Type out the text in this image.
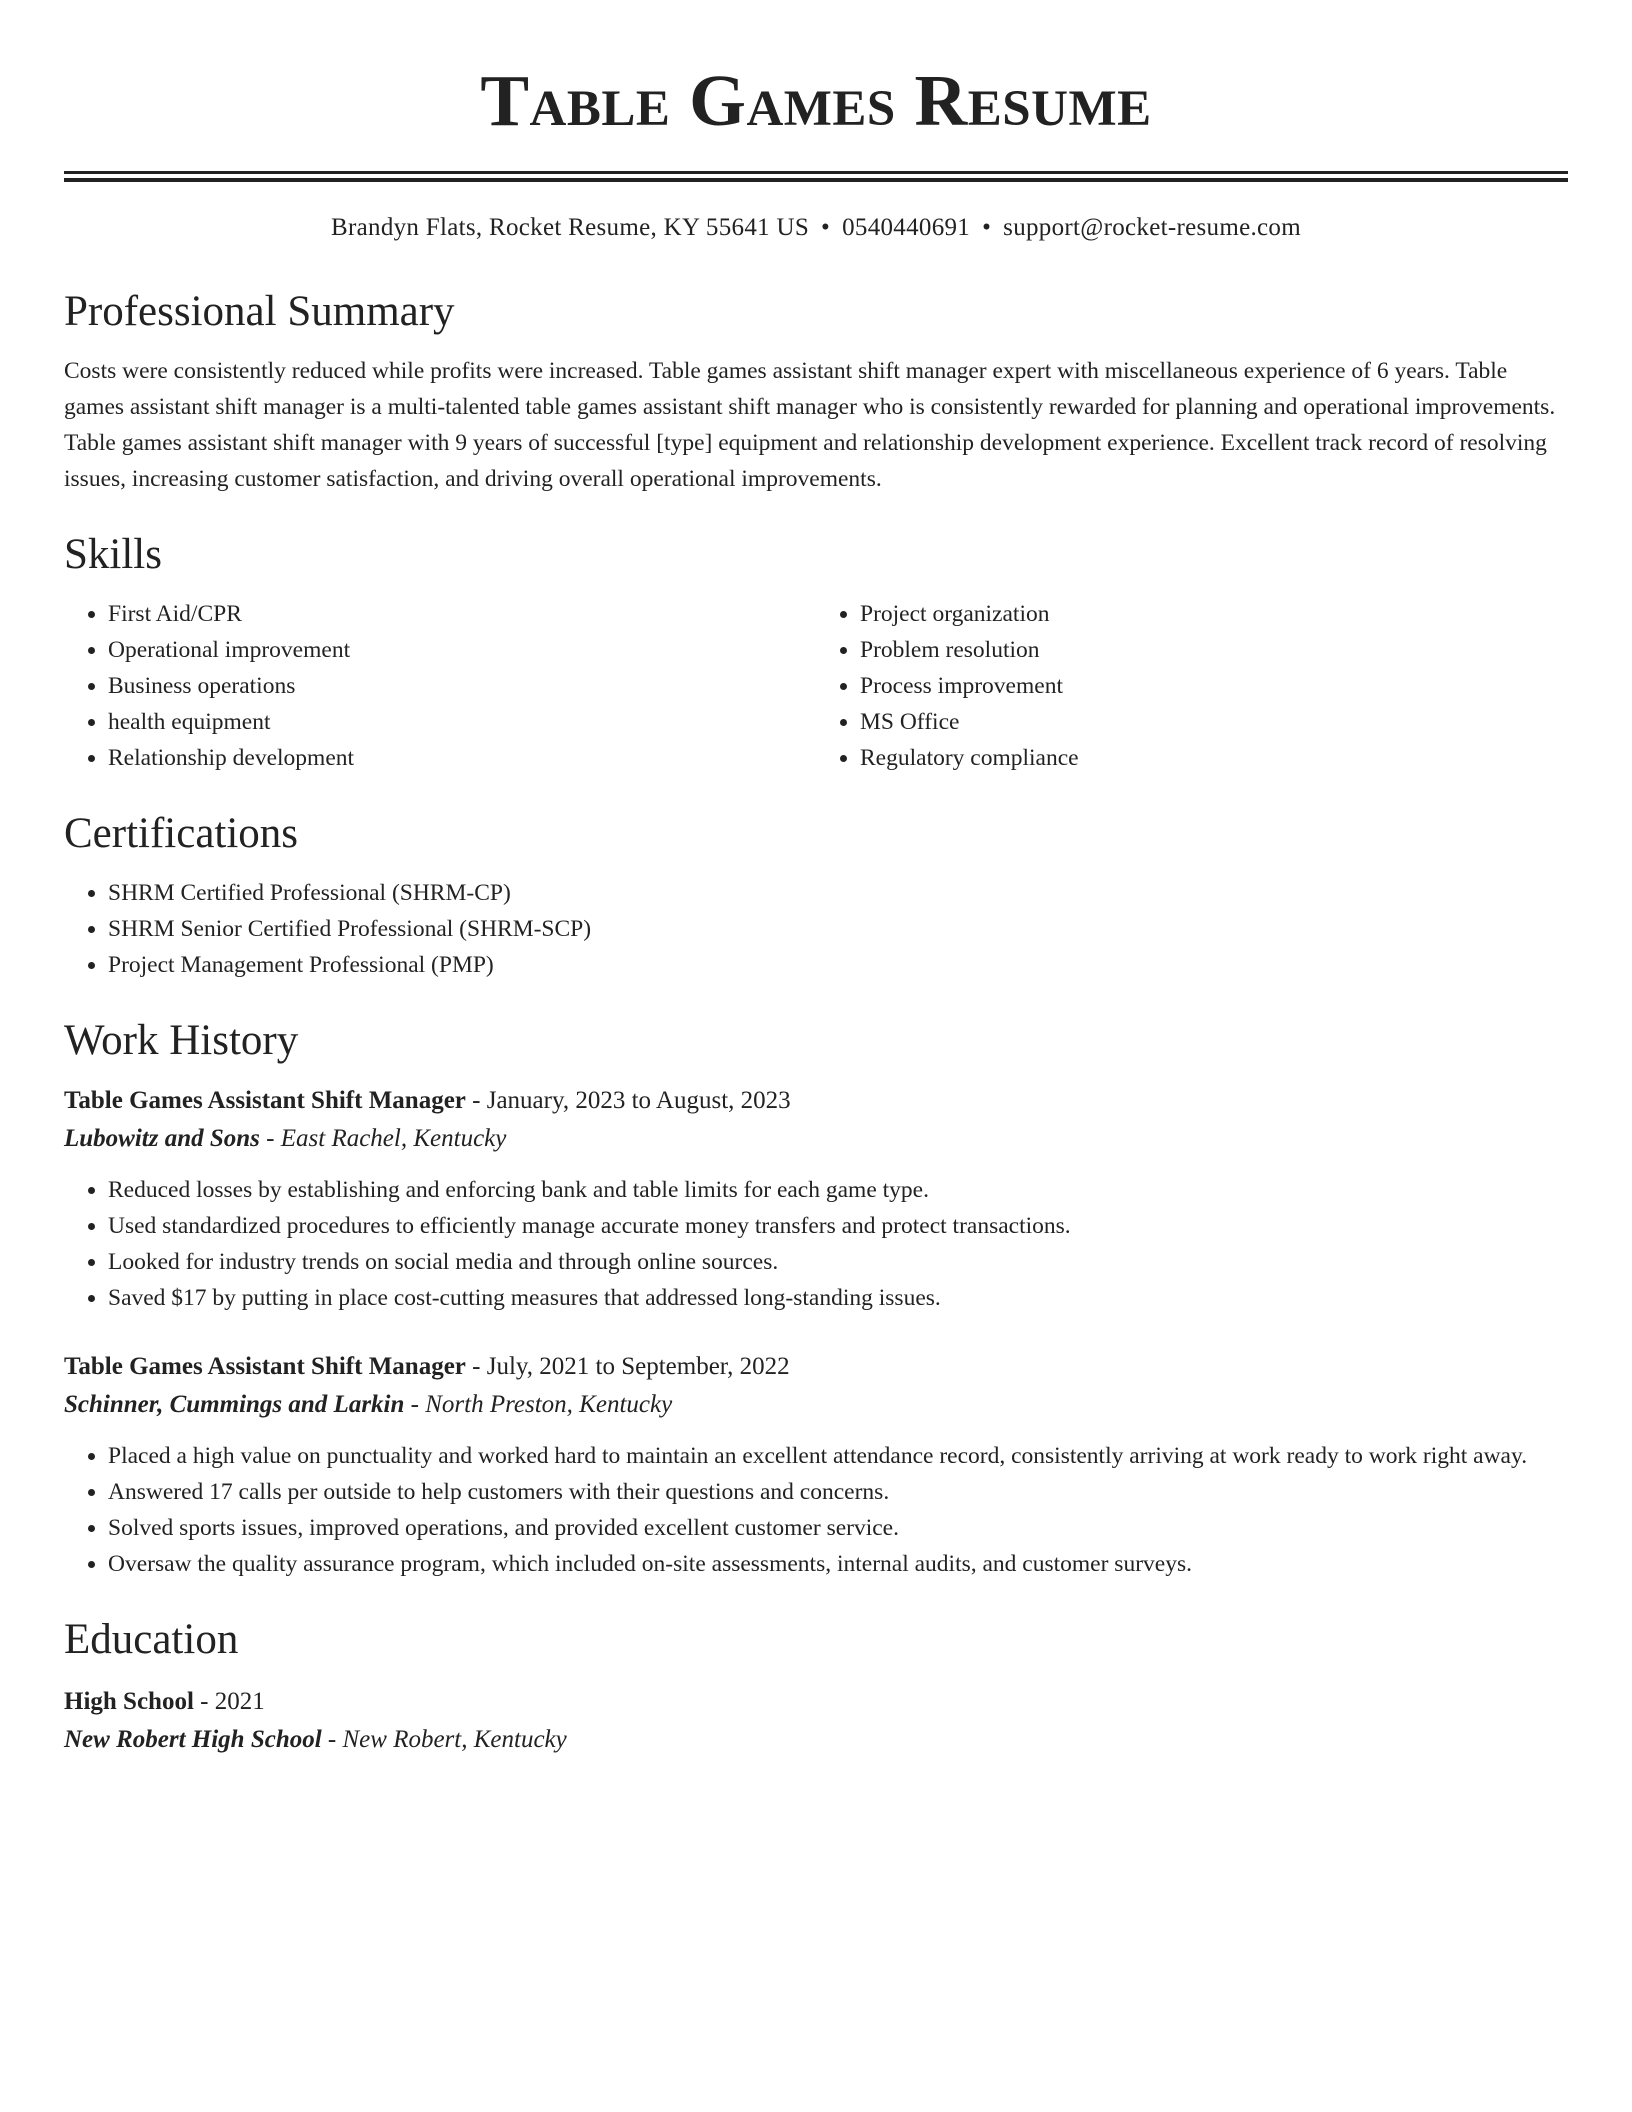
Table Games Resume
Brandyn Flats, Rocket Resume, KY 55641 US • 0540440691 • support@rocket-resume.com
Professional Summary

Costs were consistently reduced while profits were increased. Table games assistant shift manager expert with miscellaneous experience of 6 years. Table games assistant shift manager is a multi-talented table games assistant shift manager who is consistently rewarded for planning and operational improvements. Table games assistant shift manager with 9 years of successful [type] equipment and relationship development experience. Excellent track record of resolving issues, increasing customer satisfaction, and driving overall operational improvements.

Skills
• First Aid/CPR
• Operational improvement
• Business operations
• health equipment
• Relationship development
• Project organization
• Problem resolution
• Process improvement
• MS Office
• Regulatory compliance
Certifications
• SHRM Certified Professional (SHRM-CP)
• SHRM Senior Certified Professional (SHRM-SCP)
• Project Management Professional (PMP)
Work History
Table Games Assistant Shift Manager - January, 2023 to August, 2023
Lubowitz and Sons - East Rachel, Kentucky
• Reduced losses by establishing and enforcing bank and table limits for each game type.
• Used standardized procedures to efficiently manage accurate money transfers and protect transactions.
• Looked for industry trends on social media and through online sources.
• Saved $17 by putting in place cost-cutting measures that addressed long-standing issues.
Table Games Assistant Shift Manager - July, 2021 to September, 2022
Schinner, Cummings and Larkin - North Preston, Kentucky
• Placed a high value on punctuality and worked hard to maintain an excellent attendance record, consistently arriving at work ready to work right away.
• Answered 17 calls per outside to help customers with their questions and concerns.
• Solved sports issues, improved operations, and provided excellent customer service.
• Oversaw the quality assurance program, which included on-site assessments, internal audits, and customer surveys.
Education
High School - 2021
New Robert High School - New Robert, Kentucky
